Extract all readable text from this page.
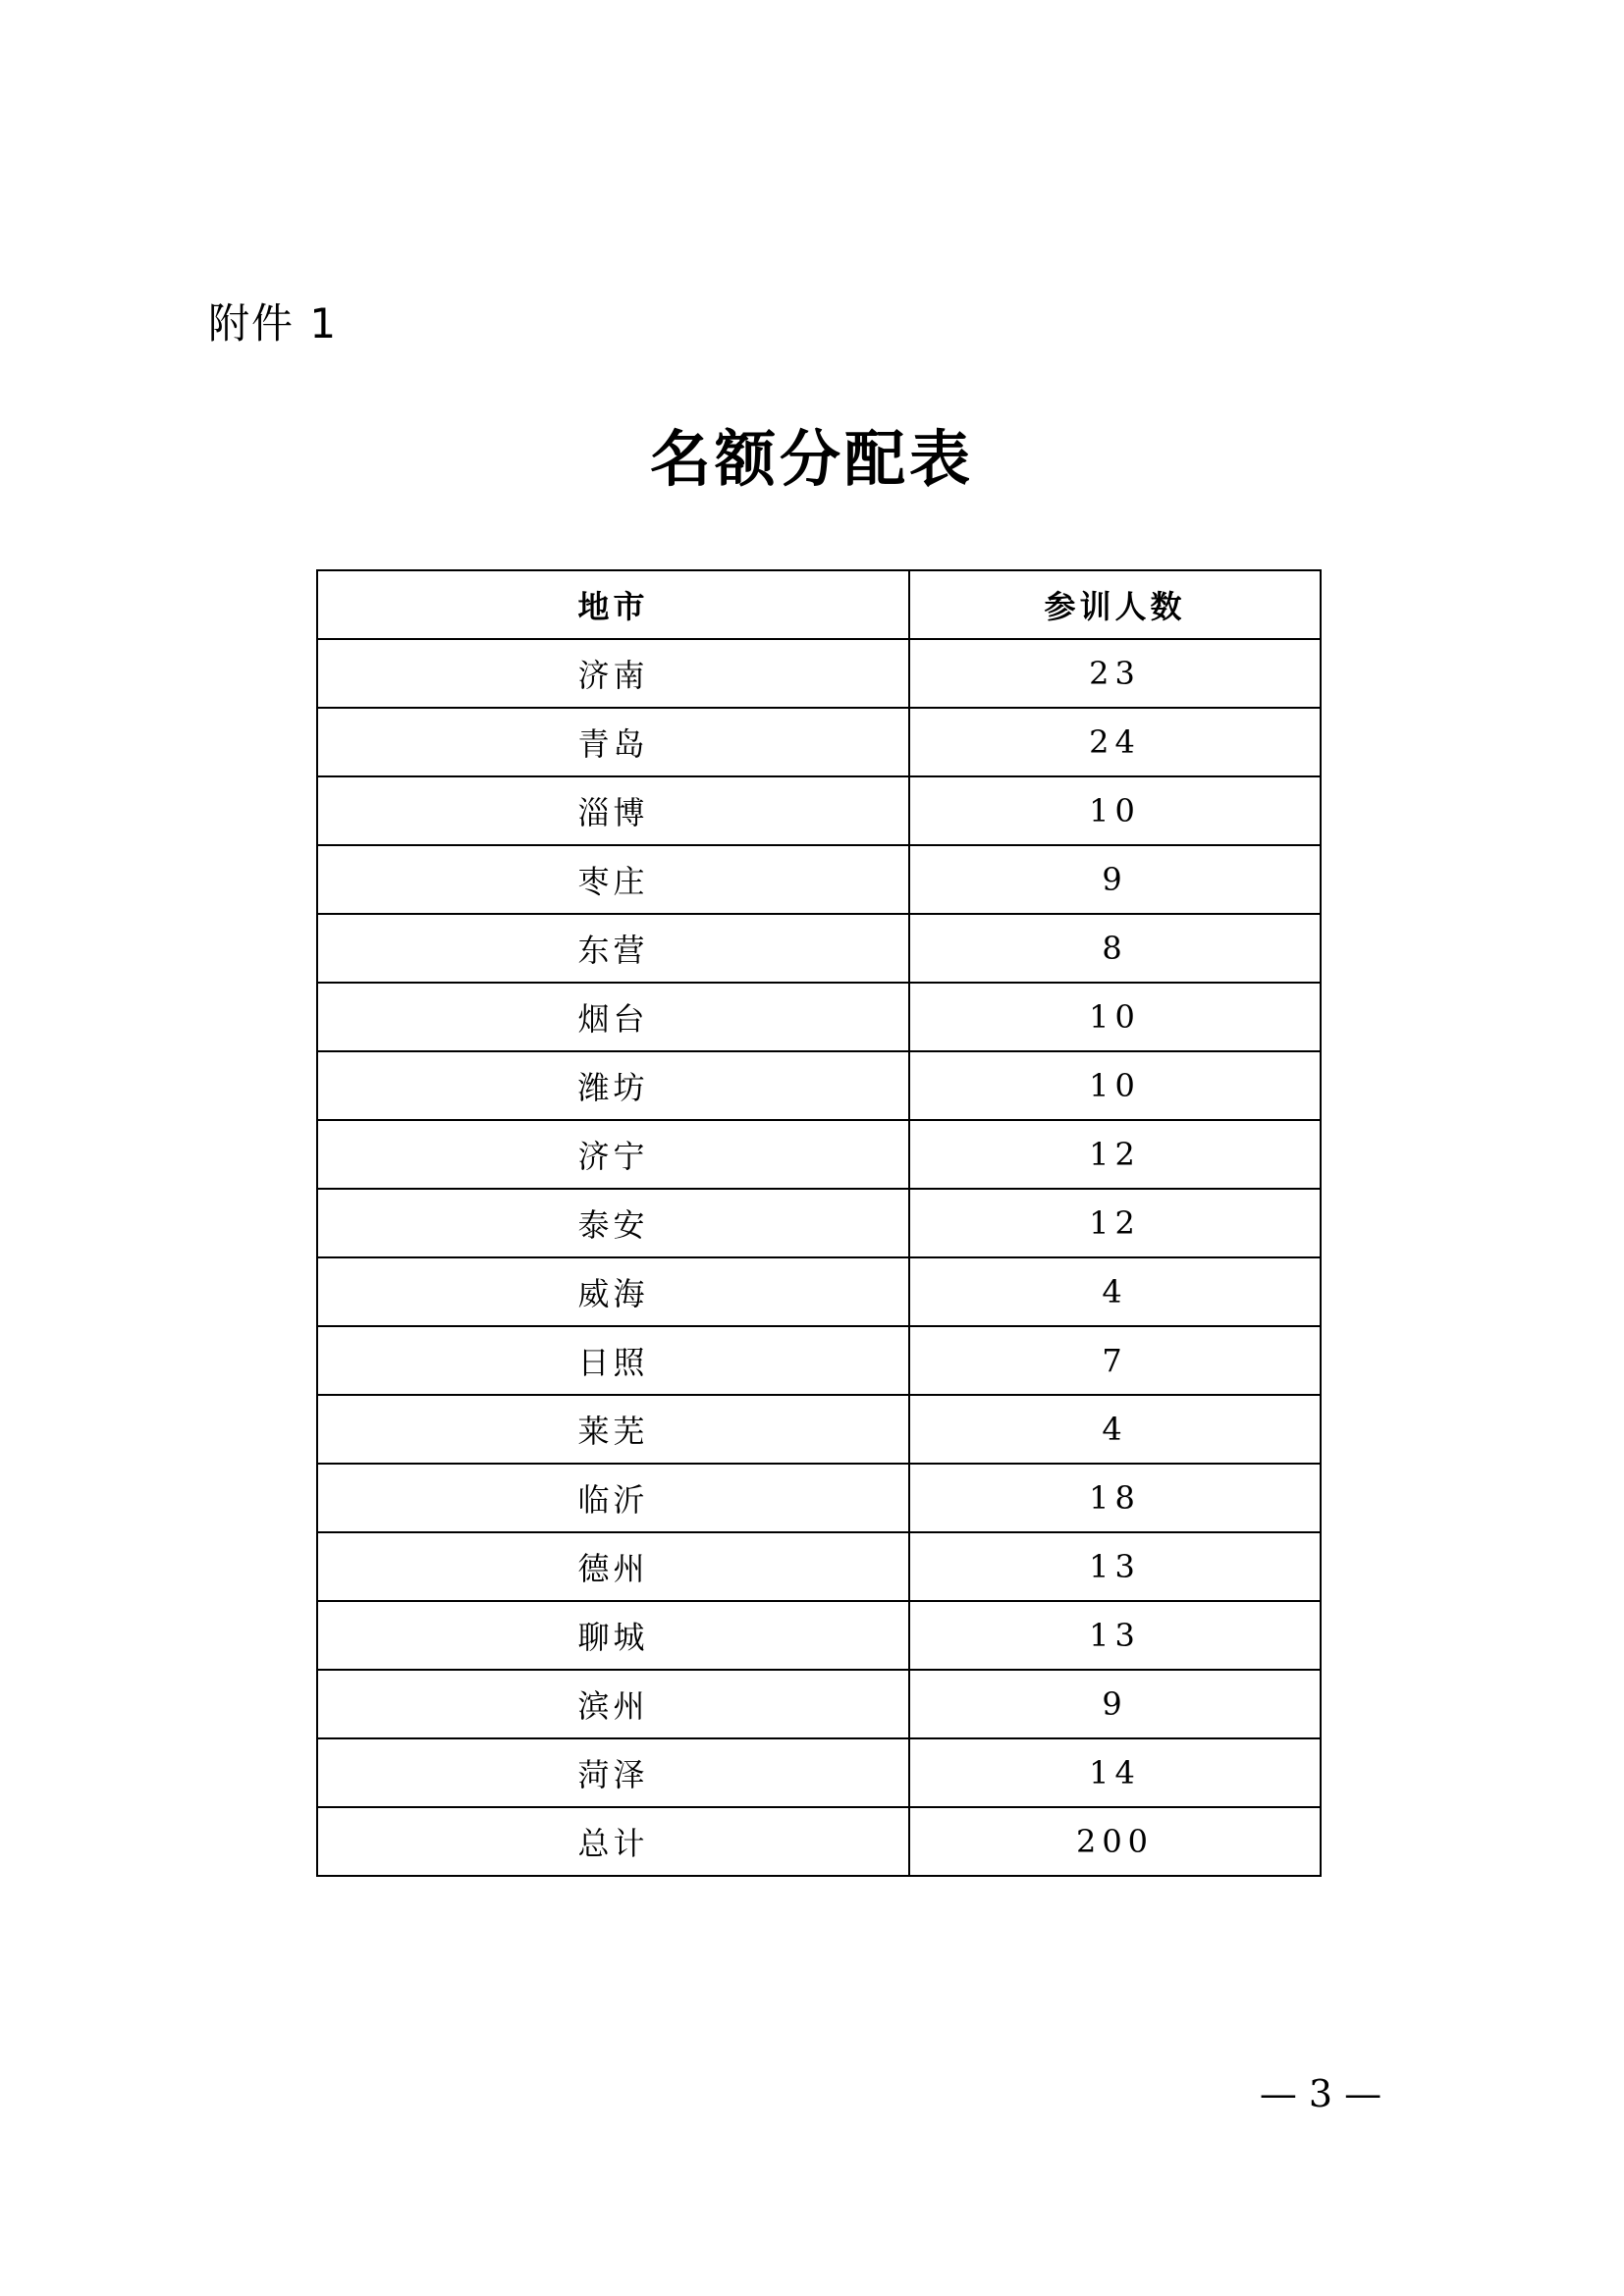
附件 1
名额分配表
地市	参训人数
济南	23
青岛	24
淄博	10
枣庄	9
东营	8
烟台	10
潍坊	10
济宁	12
泰安	12
威海	4
日照	7
莱芜	4
临沂	18
德州	13
聊城	13
滨州	9
菏泽	14
总计	200
— 3 —
